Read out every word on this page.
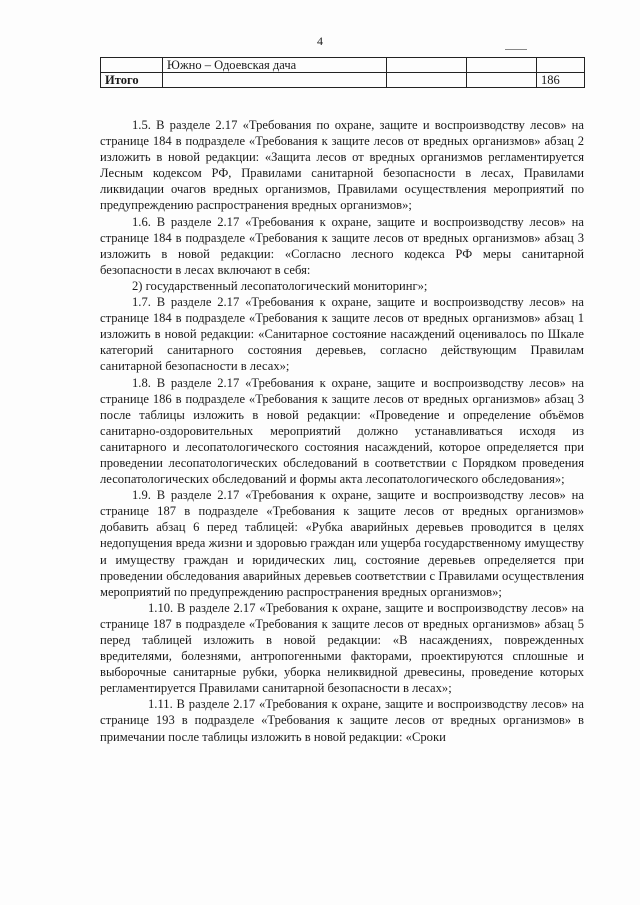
4
	Южно – Одоевская дача			
Итого				186

1.5. В разделе 2.17 «Требования по охране, защите и воспроизводству лесов» на странице 184 в подразделе «Требования к защите лесов от вредных организмов» абзац 2 изложить в новой редакции: «Защита лесов от вредных организмов регламентируется Лесным кодексом РФ, Правилами санитарной безопасности в лесах, Правилами ликвидации очагов вредных организмов, Правилами осуществления мероприятий по предупреждению распространения вредных организмов»;

1.6. В разделе 2.17 «Требования к охране, защите и воспроизводству лесов» на странице 184 в подразделе «Требования к защите лесов от вредных организмов» абзац 3 изложить в новой редакции: «Согласно лесного кодекса РФ меры санитарной безопасности в лесах включают в себя:

2) государственный лесопатологический мониторинг»;

1.7. В разделе 2.17 «Требования к охране, защите и воспроизводству лесов» на странице 184 в подразделе «Требования к защите лесов от вредных организмов» абзац 1 изложить в новой редакции: «Санитарное состояние насаждений оценивалось по Шкале категорий санитарного состояния деревьев, согласно действующим Правилам санитарной безопасности в лесах»;

1.8. В разделе 2.17 «Требования к охране, защите и воспроизводству лесов» на странице 186 в подразделе «Требования к защите лесов от вредных организмов» абзац 3 после таблицы изложить в новой редакции: «Проведение и определение объёмов санитарно-оздоровительных мероприятий должно устанавливаться исходя из санитарного и лесопатологического состояния насаждений, которое определяется при проведении лесопатологических обследований в соответствии с Порядком проведения лесопатологических обследований и формы акта лесопатологического обследования»;

1.9. В разделе 2.17 «Требования к охране, защите и воспроизводству лесов» на странице 187 в подразделе «Требования к защите лесов от вредных организмов» добавить абзац 6 перед таблицей: «Рубка аварийных деревьев проводится в целях недопущения вреда жизни и здоровью граждан или ущерба государственному имуществу и имуществу граждан и юридических лиц, состояние деревьев определяется при проведении обследования аварийных деревьев соответствии с Правилами осуществления мероприятий по предупреждению распространения вредных организмов»;

1.10. В разделе 2.17 «Требования к охране, защите и воспроизводству лесов» на странице 187 в подразделе «Требования к защите лесов от вредных организмов» абзац 5 перед таблицей изложить в новой редакции: «В насаждениях, поврежденных вредителями, болезнями, антропогенными факторами, проектируются сплошные и выборочные санитарные рубки, уборка неликвидной древесины, проведение которых регламентируется Правилами санитарной безопасности в лесах»;

1.11. В разделе 2.17 «Требования к охране, защите и воспроизводству лесов» на странице 193 в подразделе «Требования к защите лесов от вредных организмов» в примечании после таблицы изложить в новой редакции: «Сроки
